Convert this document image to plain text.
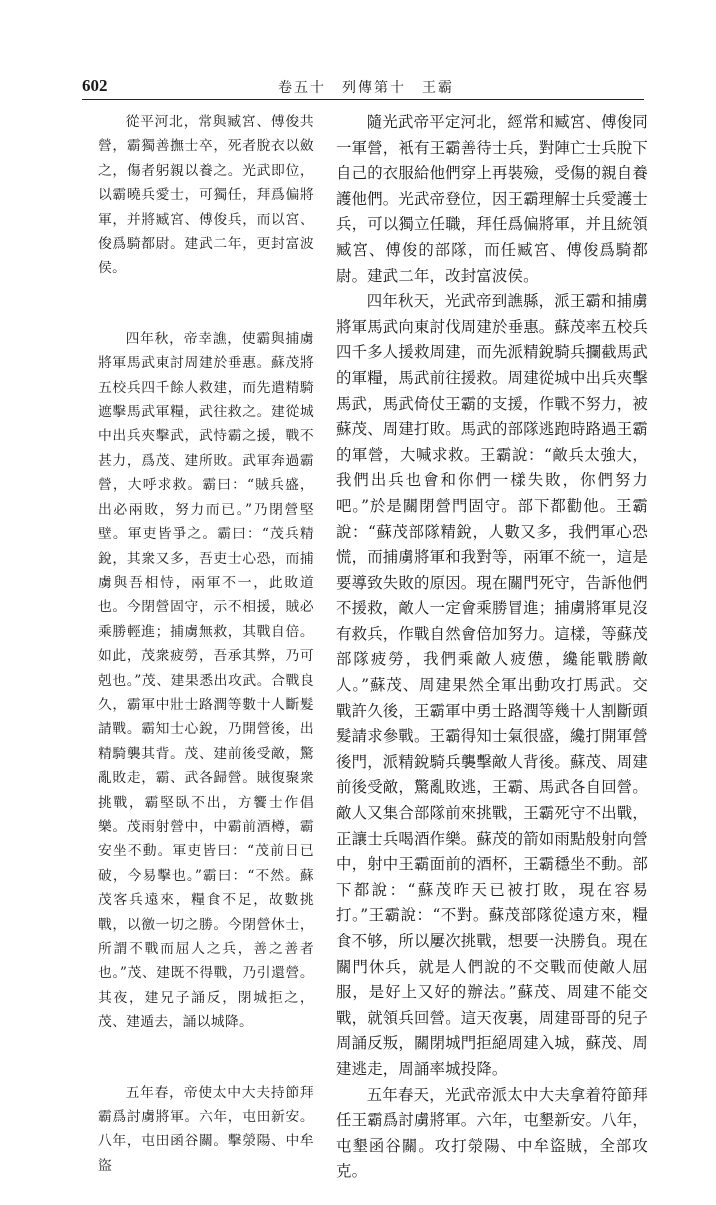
602	卷五十　列傳第十　王霸

從平河北，常與臧宮、傅俊共營，霸獨善撫士卒，死者脫衣以斂之，傷者躬親以養之。光武即位，以霸曉兵愛士，可獨任，拜爲偏將軍，并將臧宮、傅俊兵，而以宮、俊爲騎都尉。建武二年，更封富波侯。

四年秋，帝幸譙，使霸與捕虜將軍馬武東討周建於垂惠。蘇茂將五校兵四千餘人救建，而先遣精騎遮擊馬武軍糧，武往救之。建從城中出兵夾擊武，武恃霸之援，戰不甚力，爲茂、建所敗。武軍奔過霸營，大呼求救。霸曰：“賊兵盛，出必兩敗，努力而已。”乃閉營堅壁。軍吏皆爭之。霸曰：“茂兵精銳，其衆又多，吾吏士心恐，而捕虜與吾相恃，兩軍不一，此敗道也。今閉營固守，示不相援，賊必乘勝輕進；捕虜無救，其戰自倍。如此，茂衆疲勞，吾承其弊，乃可剋也。”茂、建果悉出攻武。合戰良久，霸軍中壯士路潤等數十人斷髮請戰。霸知士心銳，乃開營後，出精騎襲其背。茂、建前後受敵，驚亂敗走，霸、武各歸營。賊復聚衆挑戰，霸堅臥不出，方饗士作倡樂。茂雨射營中，中霸前酒樽，霸安坐不動。軍吏皆曰：“茂前日已破，今易擊也。”霸曰：“不然。蘇茂客兵遠來，糧食不足，故數挑戰，以徼一切之勝。今閉營休士，所謂不戰而屈人之兵，善之善者也。”茂、建既不得戰，乃引還營。其夜，建兄子誦反，閉城拒之，茂、建遁去，誦以城降。

五年春，帝使太中大夫持節拜霸爲討虜將軍。六年，屯田新安。八年，屯田函谷關。擊滎陽、中牟盜

隨光武帝平定河北，經常和臧宮、傅俊同一軍營，衹有王霸善待士兵，對陣亡士兵脫下自己的衣服給他們穿上再裝殮，受傷的親自養護他們。光武帝登位，因王霸理解士兵愛護士兵，可以獨立任職，拜任爲偏將軍，并且統領臧宮、傅俊的部隊，而任臧宮、傅俊爲騎都尉。建武二年，改封富波侯。

四年秋天，光武帝到譙縣，派王霸和捕虜將軍馬武向東討伐周建於垂惠。蘇茂率五校兵四千多人援救周建，而先派精銳騎兵攔截馬武的軍糧，馬武前往援救。周建從城中出兵夾擊馬武，馬武倚仗王霸的支援，作戰不努力，被蘇茂、周建打敗。馬武的部隊逃跑時路過王霸的軍營，大喊求救。王霸說：“敵兵太強大，我們出兵也會和你們一樣失敗，你們努力吧。”於是關閉營門固守。部下都勸他。王霸說：“蘇茂部隊精銳，人數又多，我們軍心恐慌，而捕虜將軍和我對等，兩軍不統一，這是要導致失敗的原因。現在關門死守，告訴他們不援救，敵人一定會乘勝冒進；捕虜將軍見沒有救兵，作戰自然會倍加努力。這樣，等蘇茂部隊疲勞，我們乘敵人疲憊，纔能戰勝敵人。”蘇茂、周建果然全軍出動攻打馬武。交戰許久後，王霸軍中勇士路潤等幾十人割斷頭髮請求參戰。王霸得知士氣很盛，纔打開軍營後門，派精銳騎兵襲擊敵人背後。蘇茂、周建前後受敵，驚亂敗逃，王霸、馬武各自回營。敵人又集合部隊前來挑戰，王霸死守不出戰，正讓士兵喝酒作樂。蘇茂的箭如雨點般射向營中，射中王霸面前的酒杯，王霸穩坐不動。部下都說：“蘇茂昨天已被打敗，現在容易打。”王霸說：“不對。蘇茂部隊從遠方來，糧食不够，所以屢次挑戰，想要一決勝負。現在關門休兵，就是人們說的不交戰而使敵人屈服，是好上又好的辦法。”蘇茂、周建不能交戰，就領兵回營。這天夜裏，周建哥哥的兒子周誦反叛，關閉城門拒絕周建入城，蘇茂、周建逃走，周誦率城投降。

五年春天，光武帝派太中大夫拿着符節拜任王霸爲討虜將軍。六年，屯墾新安。八年，屯墾函谷關。攻打滎陽、中牟盜賊，全部攻克。
